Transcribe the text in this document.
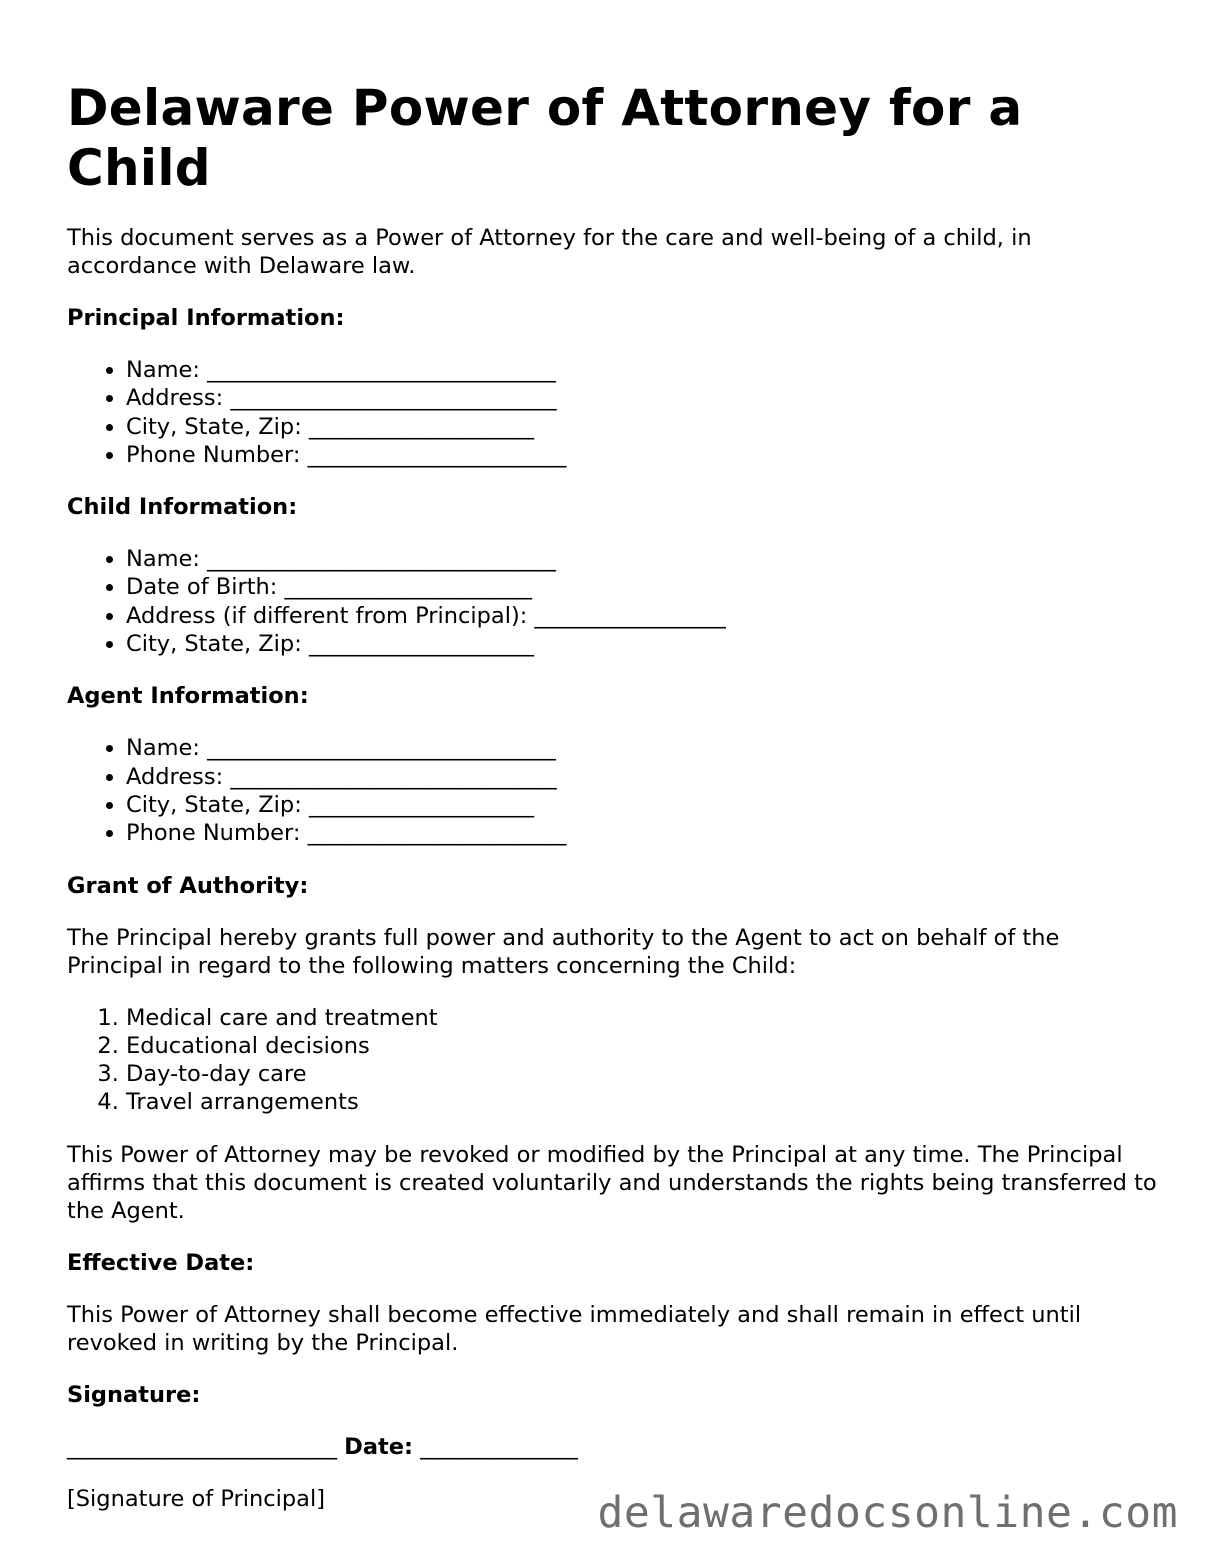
Delaware Power of Attorney for a Child

This document serves as a Power of Attorney for the care and well-being of a child, in accordance with Delaware law.

Principal Information:
• Name: _______________________________
• Address: _____________________________
• City, State, Zip: ____________________
• Phone Number: _______________________
Child Information:
• Name: _______________________________
• Date of Birth: ______________________
• Address (if different from Principal): _________________
• City, State, Zip: ____________________
Agent Information:
• Name: _______________________________
• Address: _____________________________
• City, State, Zip: ____________________
• Phone Number: _______________________
Grant of Authority:

The Principal hereby grants full power and authority to the Agent to act on behalf of the Principal in regard to the following matters concerning the Child:

1. Medical care and treatment
2. Educational decisions
3. Day-to-day care
4. Travel arrangements

This Power of Attorney may be revoked or modified by the Principal at any time. The Principal affirms that this document is created voluntarily and understands the rights being transferred to the Agent.

Effective Date:

This Power of Attorney shall become effective immediately and shall remain in effect until revoked in writing by the Principal.

Signature:
________________________ Date: ______________

[Signature of Principal]	delawaredocsonline.com
